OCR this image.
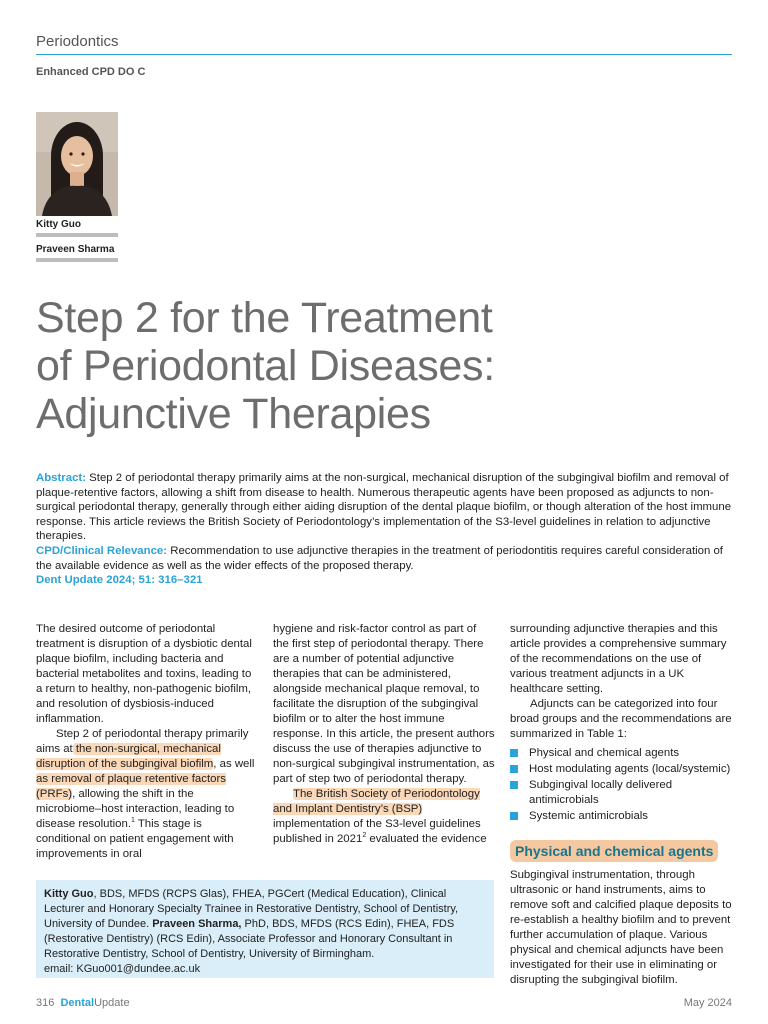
Periodontics
Enhanced CPD DO C
Kitty Guo
Praveen Sharma
Step 2 for the Treatment
of Periodontal Diseases:
Adjunctive Therapies

Abstract: Step 2 of periodontal therapy primarily aims at the non-surgical, mechanical disruption of the subgingival biofilm and removal of plaque-retentive factors, allowing a shift from disease to health. Numerous therapeutic agents have been proposed as adjuncts to non-surgical periodontal therapy, generally through either aiding disruption of the dental plaque biofilm, or though alteration of the host immune response. This article reviews the British Society of Periodontology’s implementation of the S3-level guidelines in relation to adjunctive therapies.

CPD/Clinical Relevance: Recommendation to use adjunctive therapies in the treatment of periodontitis requires careful consideration of the available evidence as well as the wider effects of the proposed therapy.

Dent Update 2024; 51: 316–321

The desired outcome of periodontal treatment is disruption of a dysbiotic dental plaque biofilm, including bacteria and bacterial metabolites and toxins, leading to a return to healthy, non-pathogenic biofilm, and resolution of dysbiosis-induced inflammation.

Step 2 of periodontal therapy primarily aims at the non-surgical, mechanical disruption of the subgingival biofilm, as well as removal of plaque retentive factors (PRFs), allowing the shift in the microbiome–host interaction, leading to disease resolution.$^1$ This stage is conditional on patient engagement with improvements in oral

hygiene and risk-factor control as part of the first step of periodontal therapy. There are a number of potential adjunctive therapies that can be administered, alongside mechanical plaque removal, to facilitate the disruption of the subgingival biofilm or to alter the host immune response. In this article, the present authors discuss the use of therapies adjunctive to non-surgical subgingival instrumentation, as part of step two of periodontal therapy.

The British Society of Periodontology and Implant Dentistry’s (BSP) implementation of the S3-level guidelines published in 2021$^2$ evaluated the evidence

surrounding adjunctive therapies and this article provides a comprehensive summary of the recommendations on the use of various treatment adjuncts in a UK healthcare setting.

Adjuncts can be categorized into four broad groups and the recommendations are summarized in Table 1:

Physical and chemical agents
Host modulating agents (local/systemic)
Subgingival locally delivered antimicrobials
Systemic antimicrobials
Physical and chemical agents

Subgingival instrumentation, through ultrasonic or hand instruments, aims to remove soft and calcified plaque deposits to re-establish a healthy biofilm and to prevent further accumulation of plaque. Various physical and chemical adjuncts have been investigated for their use in eliminating or disrupting the subgingival biofilm.

Kitty Guo, BDS, MFDS (RCPS Glas), FHEA, PGCert (Medical Education), Clinical Lecturer and Honorary Specialty Trainee in Restorative Dentistry, School of Dentistry, University of Dundee. Praveen Sharma, PhD, BDS, MFDS (RCS Edin), FHEA, FDS (Restorative Dentistry) (RCS Edin), Associate Professor and Honorary Consultant in Restorative Dentistry, School of Dentistry, University of Birmingham.
email: KGuo001@dundee.ac.uk
316 DentalUpdate	May 2024
